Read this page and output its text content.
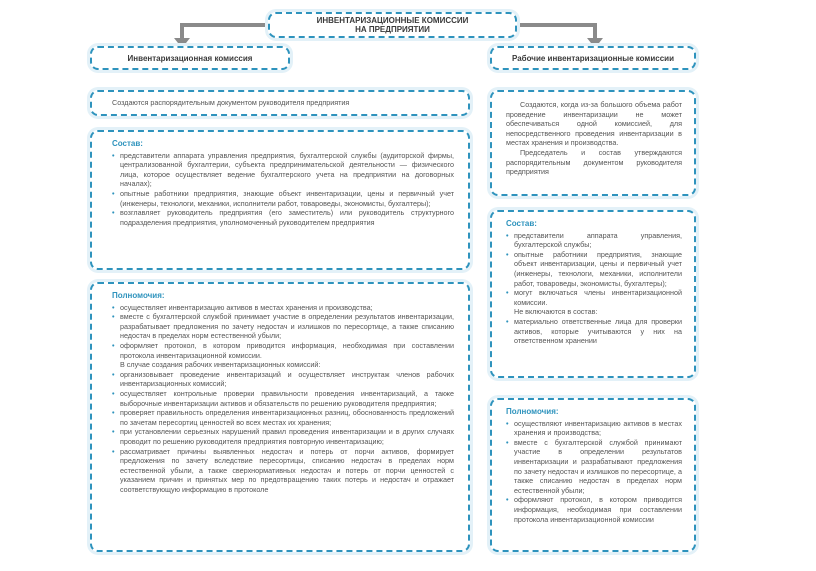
ИНВЕНТАРИЗАЦИОННЫЕ КОМИССИИ
НА ПРЕДПРИЯТИИ
Инвентаризационная комиссия	Рабочие инвентаризационные комиссии
Создаются распорядительным документом руководителя предприятия
Состав:
• представители аппарата управления предприятия, бухгалтерской службы (аудиторской фирмы, централизованной бухгалтерии, субъекта предпринимательской деятельности — физического лица, которое осуществляет ведение бухгалтерского учета на предприятии на договорных началах);
• опытные работники предприятия, знающие объект инвентаризации, цены и первичный учет (инженеры, технологи, механики, исполнители работ, товароведы, экономисты, бухгалтеры);
• возглавляет руководитель предприятия (его заместитель) или руководитель структурного подразделения предприятия, уполномоченный руководителем предприятия
Полномочия:
• осуществляет инвентаризацию активов в местах хранения и производства;
• вместе с бухгалтерской службой принимает участие в определении результатов инвентаризации, разрабатывает предложения по зачету недостач и излишков по пересортице, а также списанию недостач в пределах норм естественной убыли;
• оформляет протокол, в котором приводится информация, необходимая при составлении протокола инвентаризационной комиссии.
В случае создания рабочих инвентаризационных комиссий:
• организовывает проведение инвентаризаций и осуществляет инструктаж членов рабочих инвентаризационных комиссий;
• осуществляет контрольные проверки правильности проведения инвентаризаций, а также выборочные инвентаризации активов и обязательств по решению руководителя предприятия;
• проверяет правильность определения инвентаризационных разниц, обоснованность предложений по зачетам пересортиц ценностей во всех местах их хранения;
• при установлении серьезных нарушений правил проведения инвентаризации и в других случаях проводит по решению руководителя предприятия повторную инвентаризацию;
• рассматривает причины выявленных недостач и потерь от порчи активов, формирует предложения по зачету вследствие пересортицы, списанию недостач в пределах норм естественной убыли, а также сверхнормативных недостач и потерь от порчи ценностей с указанием причин и принятых мер по предотвращению таких потерь и недостач и отражает соответствующую информацию в протоколе
Создаются, когда из-за большого объема работ проведение инвентаризации не может обеспечиваться одной комиссией, для непосредственного проведения инвентаризации в местах хранения и производства.
Председатель и состав утверждаются распорядительным документом руководителя предприятия
Состав:
• представители аппарата управления, бухгалтерской службы;
• опытные работники предприятия, знающие объект инвентаризации, цены и первичный учет (инженеры, технологи, механики, исполнители работ, товароведы, экономисты, бухгалтеры);
• могут включаться члены инвентаризационной комиссии.
Не включаются в состав:
• материально ответственные лица для проверки активов, которые учитываются у них на ответственном хранении
Полномочия:
• осуществляют инвентаризацию активов в местах хранения и производства;
• вместе с бухгалтерской службой принимают участие в определении результатов инвентаризации и разрабатывают предложения по зачету недостач и излишков по пересортице, а также списанию недостач в пределах норм естественной убыли;
• оформляют протокол, в котором приводится информация, необходимая при составлении протокола инвентаризационной комиссии
